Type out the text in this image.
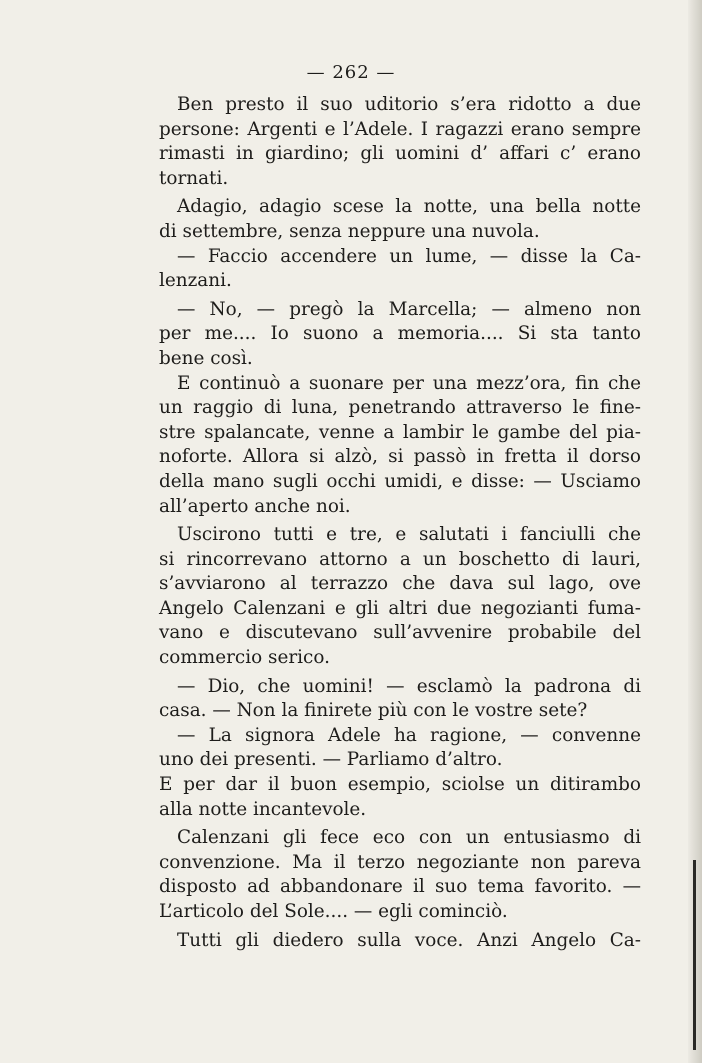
— 262 —
Ben presto il suo uditorio s’era ridotto a due
persone: Argenti e l’Adele. I ragazzi erano sempre
rimasti in giardino; gli uomini d’ affari c’ erano
tornati.
Adagio, adagio scese la notte, una bella notte
di settembre, senza neppure una nuvola.
— Faccio accendere un lume, — disse la Ca-
lenzani.
— No, — pregò la Marcella; — almeno non
per me.... Io suono a memoria.... Si sta tanto
bene così.
E continuò a suonare per una mezz’ora, fin che
un raggio di luna, penetrando attraverso le fine-
stre spalancate, venne a lambir le gambe del pia-
noforte. Allora si alzò, si passò in fretta il dorso
della mano sugli occhi umidi, e disse: — Usciamo
all’aperto anche noi.
Uscirono tutti e tre, e salutati i fanciulli che
si rincorrevano attorno a un boschetto di lauri,
s’avviarono al terrazzo che dava sul lago, ove
Angelo Calenzani e gli altri due negozianti fuma-
vano e discutevano sull’avvenire probabile del
commercio serico.
— Dio, che uomini! — esclamò la padrona di
casa. — Non la finirete più con le vostre sete?
— La signora Adele ha ragione, — convenne
uno dei presenti. — Parliamo d’altro.
E per dar il buon esempio, sciolse un ditirambo
alla notte incantevole.
Calenzani gli fece eco con un entusiasmo di
convenzione. Ma il terzo negoziante non pareva
disposto ad abbandonare il suo tema favorito. —
L’articolo del Sole.... — egli cominciò.
Tutti gli diedero sulla voce. Anzi Angelo Ca-
